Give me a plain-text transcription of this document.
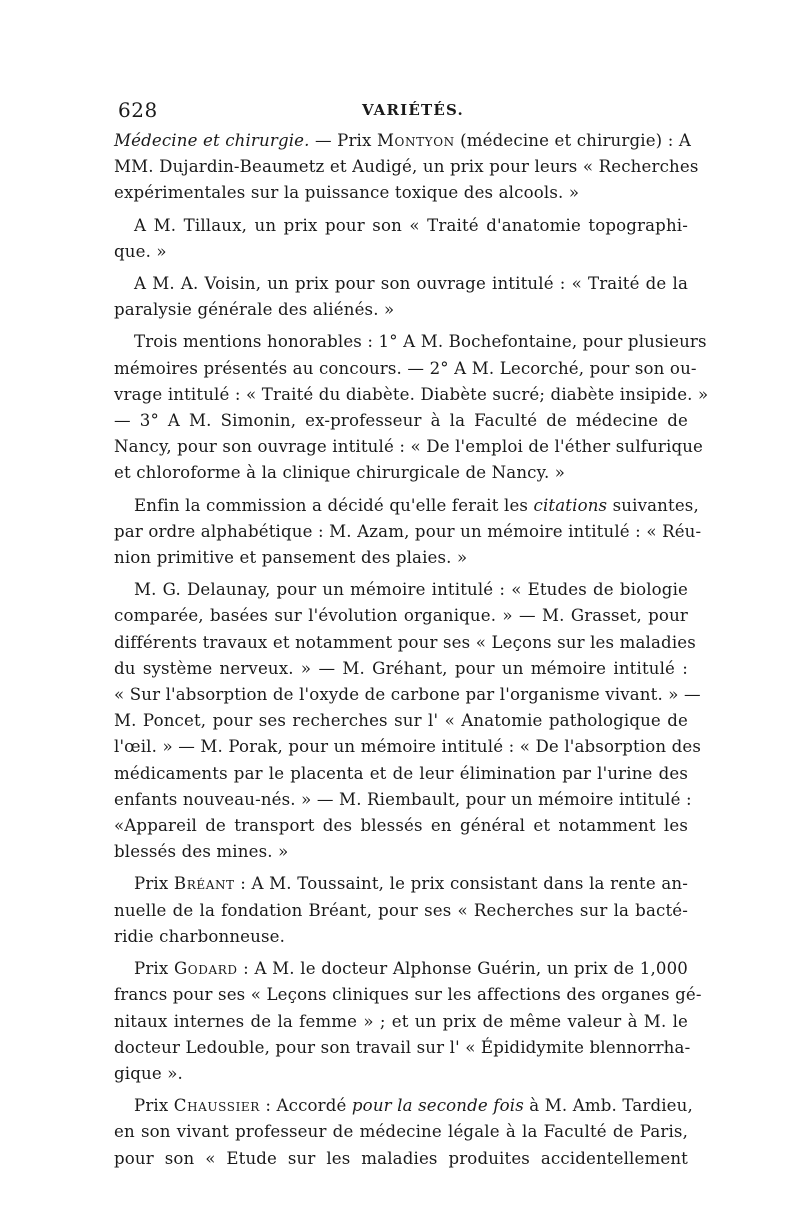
628	VARIÉTÉS.
Médecine et chirurgie. — Prix Montyon (médecine et chirurgie) : A
MM. Dujardin-Beaumetz et Audigé, un prix pour leurs « Recherches
expérimentales sur la puissance toxique des alcools. »
A M. Tillaux, un prix pour son « Traité d'anatomie topographi-
que. »
A M. A. Voisin, un prix pour son ouvrage intitulé : « Traité de la
paralysie générale des aliénés. »
Trois mentions honorables : 1° A M. Bochefontaine, pour plusieurs
mémoires présentés au concours. — 2° A M. Lecorché, pour son ou-
vrage intitulé : « Traité du diabète. Diabète sucré; diabète insipide. »
— 3° A M. Simonin, ex-professeur à la Faculté de médecine de
Nancy, pour son ouvrage intitulé : « De l'emploi de l'éther sulfurique
et chloroforme à la clinique chirurgicale de Nancy. »
Enfin la commission a décidé qu'elle ferait les citations suivantes,
par ordre alphabétique : M. Azam, pour un mémoire intitulé : « Réu-
nion primitive et pansement des plaies. »
M. G. Delaunay, pour un mémoire intitulé : « Etudes de biologie
comparée, basées sur l'évolution organique. » — M. Grasset, pour
différents travaux et notamment pour ses « Leçons sur les maladies
du système nerveux. » — M. Gréhant, pour un mémoire intitulé :
« Sur l'absorption de l'oxyde de carbone par l'organisme vivant. » —
M. Poncet, pour ses recherches sur l' « Anatomie pathologique de
l'œil. » — M. Porak, pour un mémoire intitulé : « De l'absorption des
médicaments par le placenta et de leur élimination par l'urine des
enfants nouveau-nés. » — M. Riembault, pour un mémoire intitulé :
«Appareil de transport des blessés en général et notamment les
blessés des mines. »
Prix Bréant : A M. Toussaint, le prix consistant dans la rente an-
nuelle de la fondation Bréant, pour ses « Recherches sur la bacté-
ridie charbonneuse.
Prix Godard : A M. le docteur Alphonse Guérin, un prix de 1,000
francs pour ses « Leçons cliniques sur les affections des organes gé-
nitaux internes de la femme » ; et un prix de même valeur à M. le
docteur Ledouble, pour son travail sur l' « Épididymite blennorrha-
gique ».
Prix Chaussier : Accordé pour la seconde fois à M. Amb. Tardieu,
en son vivant professeur de médecine légale à la Faculté de Paris,
pour son « Etude sur les maladies produites accidentellement
